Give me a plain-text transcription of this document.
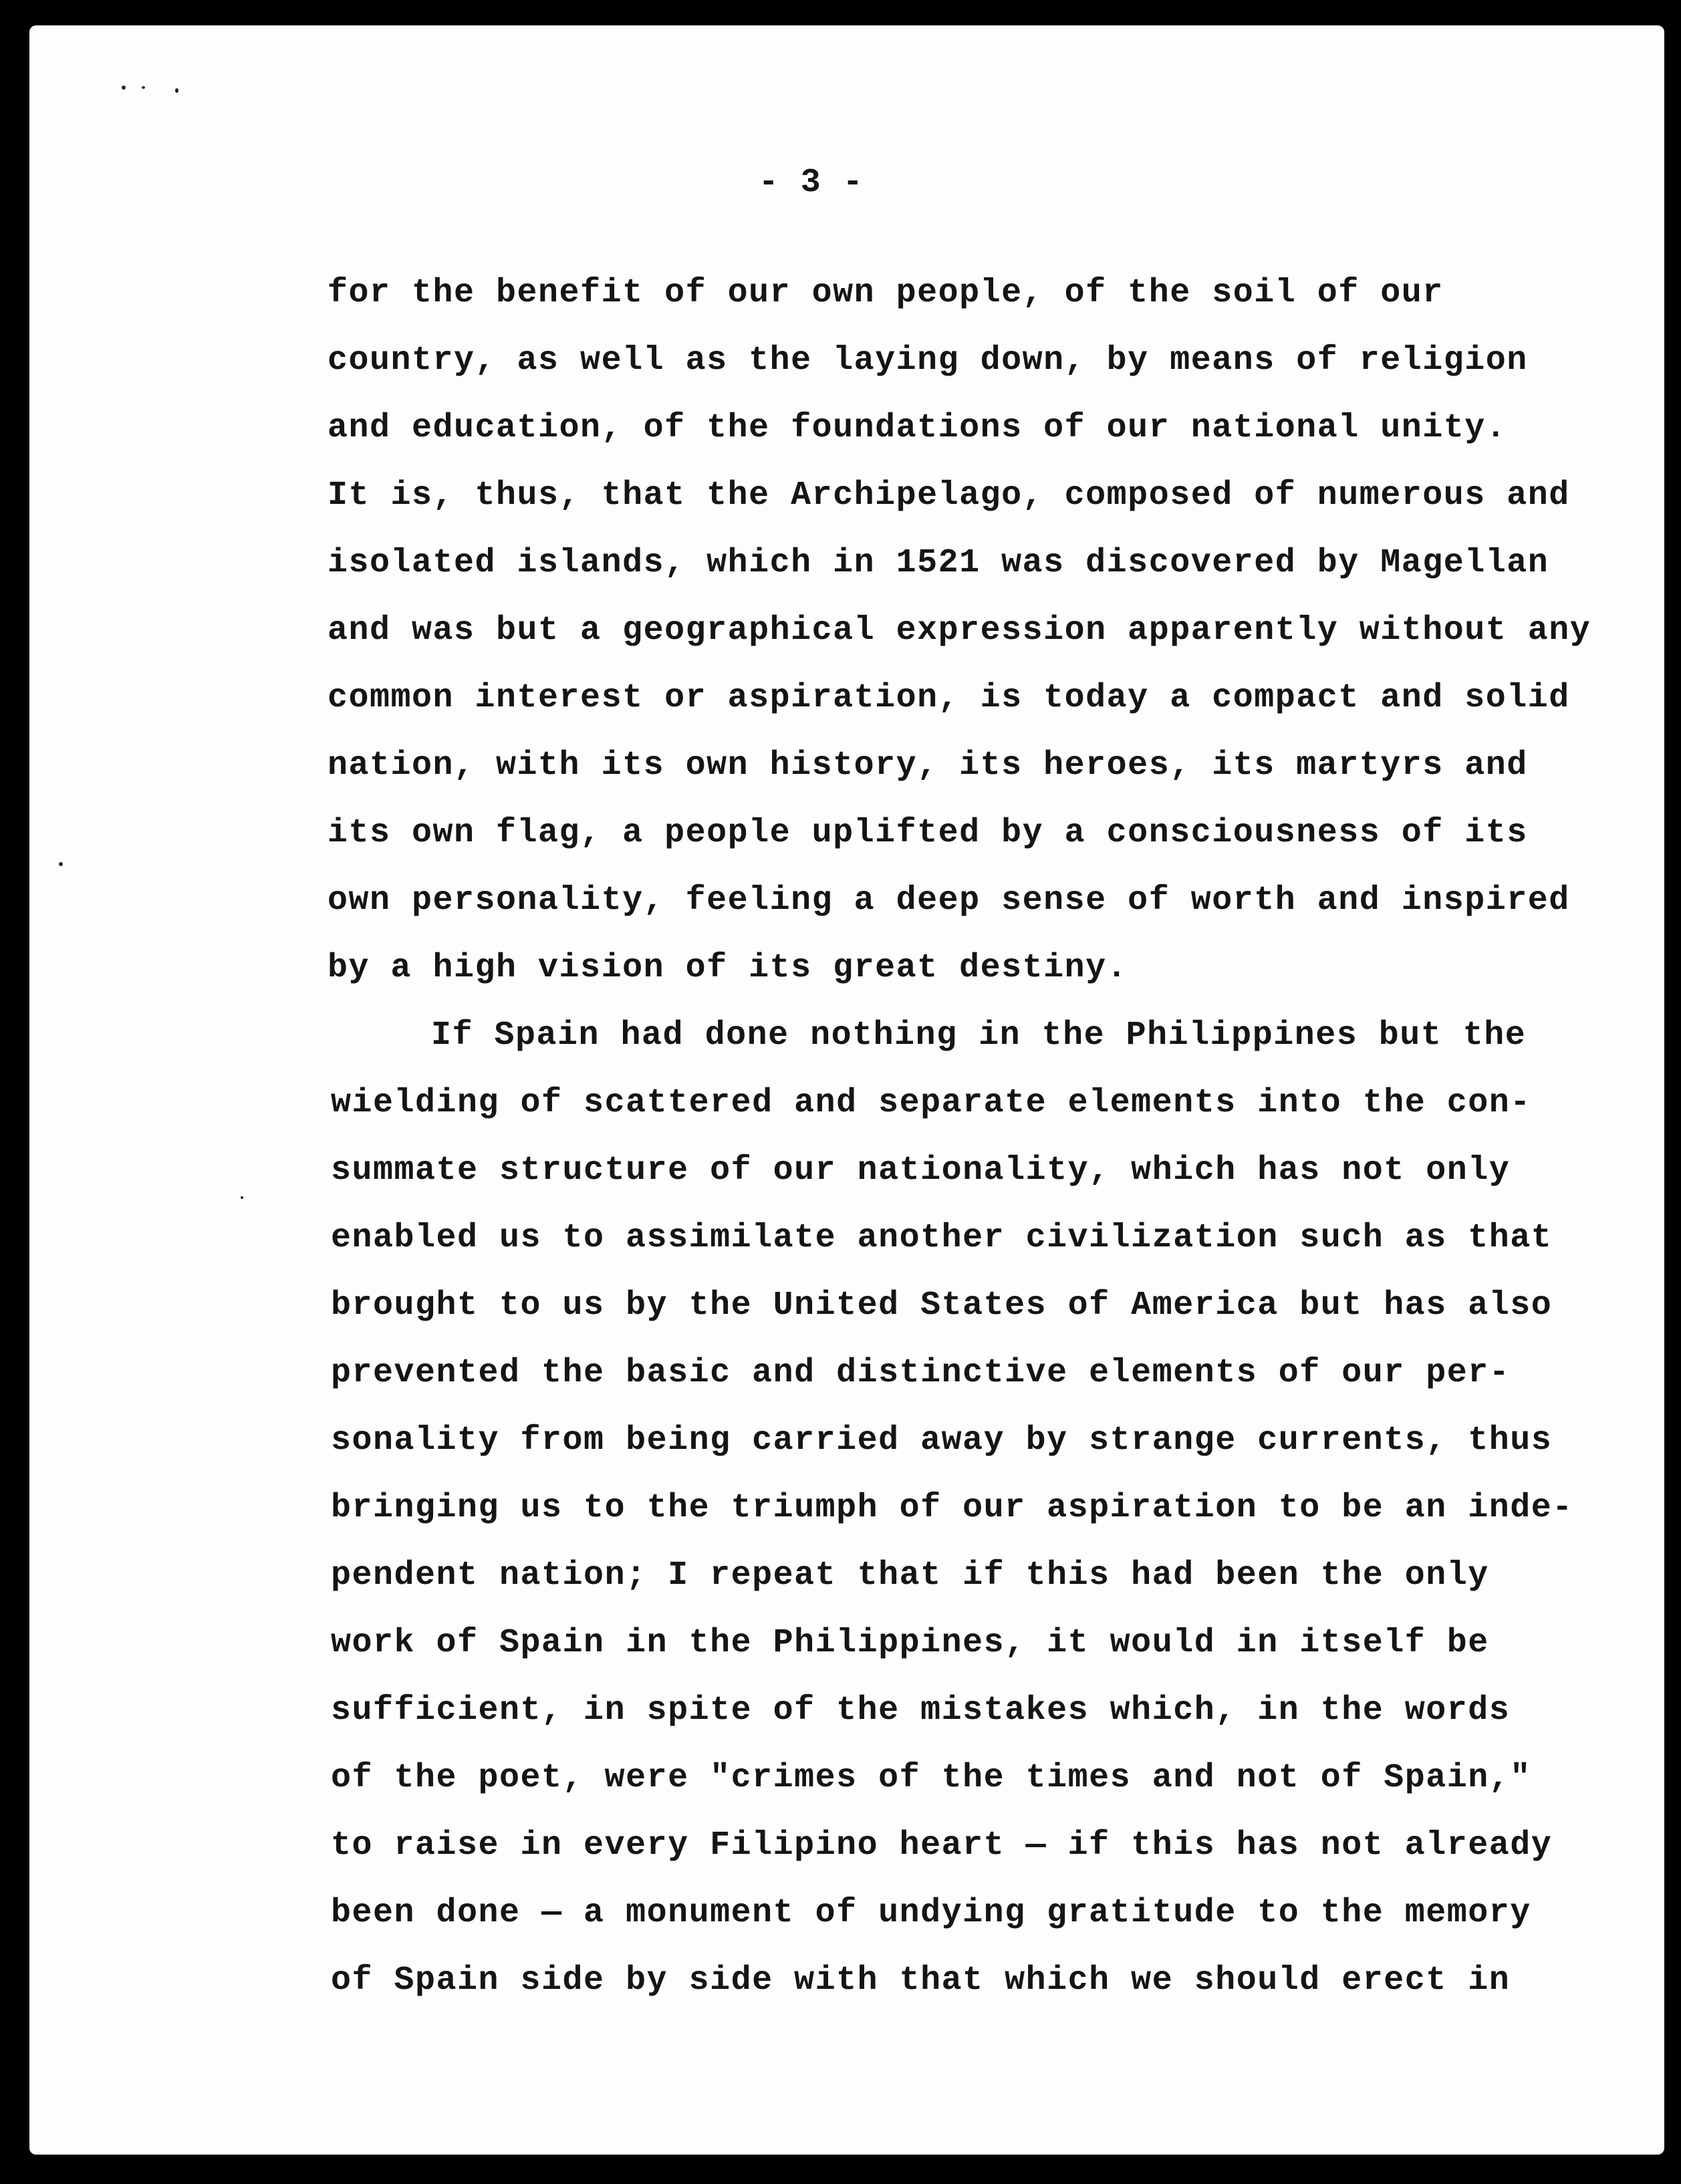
- 3 -
for the benefit of our own people, of the soil of our
country, as well as the laying down, by means of religion
and education, of the foundations of our national unity.
It is, thus, that the Archipelago, composed of numerous and
isolated islands, which in 1521 was discovered by Magellan
and was but a geographical expression apparently without any
common interest or aspiration, is today a compact and solid
nation, with its own history, its heroes, its martyrs and
its own flag, a people uplifted by a consciousness of its
own personality, feeling a deep sense of worth and inspired
by a high vision of its great destiny.
If Spain had done nothing in the Philippines but the
wielding of scattered and separate elements into the con-
summate structure of our nationality, which has not only
enabled us to assimilate another civilization such as that
brought to us by the United States of America but has also
prevented the basic and distinctive elements of our per-
sonality from being carried away by strange currents, thus
bringing us to the triumph of our aspiration to be an inde-
pendent nation; I repeat that if this had been the only
work of Spain in the Philippines, it would in itself be
sufficient, in spite of the mistakes which, in the words
of the poet, were "crimes of the times and not of Spain,"
to raise in every Filipino heart — if this has not already
been done — a monument of undying gratitude to the memory
of Spain side by side with that which we should erect in
